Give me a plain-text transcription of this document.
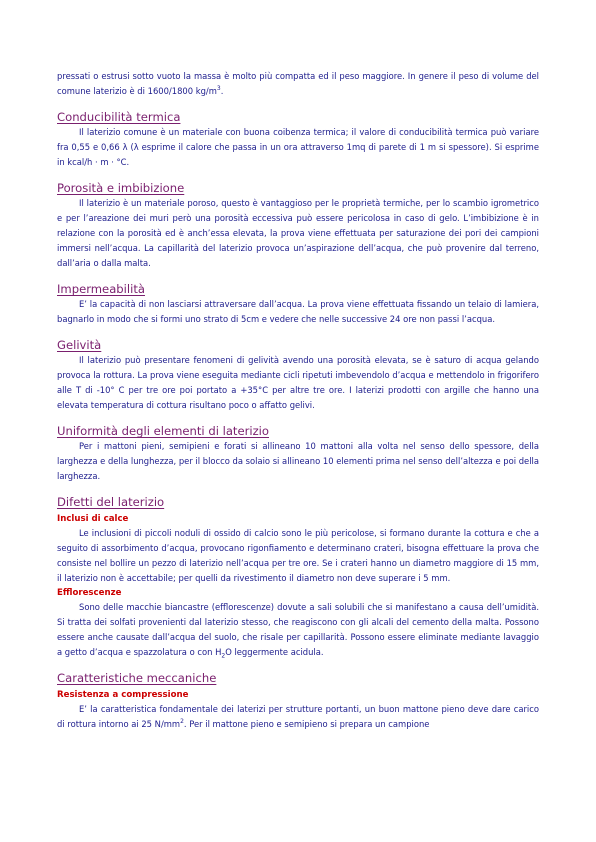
pressati o estrusi sotto vuoto la massa è molto più compatta ed il peso maggiore. In genere il peso di volume del comune laterizio è di 1600/1800 $kg/m^3$.

Conducibilità termica

Il laterizio comune è un materiale con buona coibenza termica; il valore di conducibilità termica può variare fra 0,55 e 0,66 λ (λ esprime il calore che passa in un ora attraverso 1mq di parete di 1 m si spessore). Si esprime in kcal/h · m · °C.

Porosità e imbibizione

Il laterizio è un materiale poroso, questo è vantaggioso per le proprietà termiche, per lo scambio igrometrico e per l’areazione dei muri però una porosità eccessiva può essere pericolosa in caso di gelo. L’imbibizione è in relazione con la porosità ed è anch’essa elevata, la prova viene effettuata per saturazione dei pori dei campioni immersi nell’acqua. La capillarità del laterizio provoca un’aspirazione dell’acqua, che può provenire dal terreno, dall’aria o dalla malta.

Impermeabilità

E’ la capacità di non lasciarsi attraversare dall’acqua. La prova viene effettuata fissando un telaio di lamiera, bagnarlo in modo che si formi uno strato di 5cm e vedere che nelle successive 24 ore non passi l’acqua.

Gelività

Il laterizio può presentare fenomeni di gelività avendo una porosità elevata, se è saturo di acqua gelando provoca la rottura. La prova viene eseguita mediante cicli ripetuti imbevendolo d’acqua e mettendolo in frigorifero alle T di -10° C per tre ore poi portato a +35°C per altre tre ore. I laterizi prodotti con argille che hanno una elevata temperatura di cottura risultano poco o affatto gelivi.

Uniformità degli elementi di laterizio

Per i mattoni pieni, semipieni e forati si allineano 10 mattoni alla volta nel senso dello spessore, della larghezza e della lunghezza, per il blocco da solaio si allineano 10 elementi prima nel senso dell’altezza e poi della larghezza.

Difetti del laterizio
Inclusi di calce

Le inclusioni di piccoli noduli di ossido di calcio sono le più pericolose, si formano durante la cottura e che a seguito di assorbimento d’acqua, provocano rigonfiamento e determinano crateri, bisogna effettuare la prova che consiste nel bollire un pezzo di laterizio nell’acqua per tre ore. Se i crateri hanno un diametro maggiore di 15 mm, il laterizio non è accettabile; per quelli da rivestimento il diametro non deve superare i 5 mm.

Efflorescenze

Sono delle macchie biancastre (efflorescenze) dovute a sali solubili che si manifestano a causa dell’umidità. Si tratta dei solfati provenienti dal laterizio stesso, che reagiscono con gli alcali del cemento della malta. Possono essere anche causate dall’acqua del suolo, che risale per capillarità. Possono essere eliminate mediante lavaggio a getto d’acqua e spazzolatura o con $H_2O$ leggermente acidula.

Caratteristiche meccaniche
Resistenza a compressione

E’ la caratteristica fondamentale dei laterizi per strutture portanti, un buon mattone pieno deve dare carico di rottura intorno ai 25 $N/mm^2$. Per il mattone pieno e semipieno si prepara un campione
